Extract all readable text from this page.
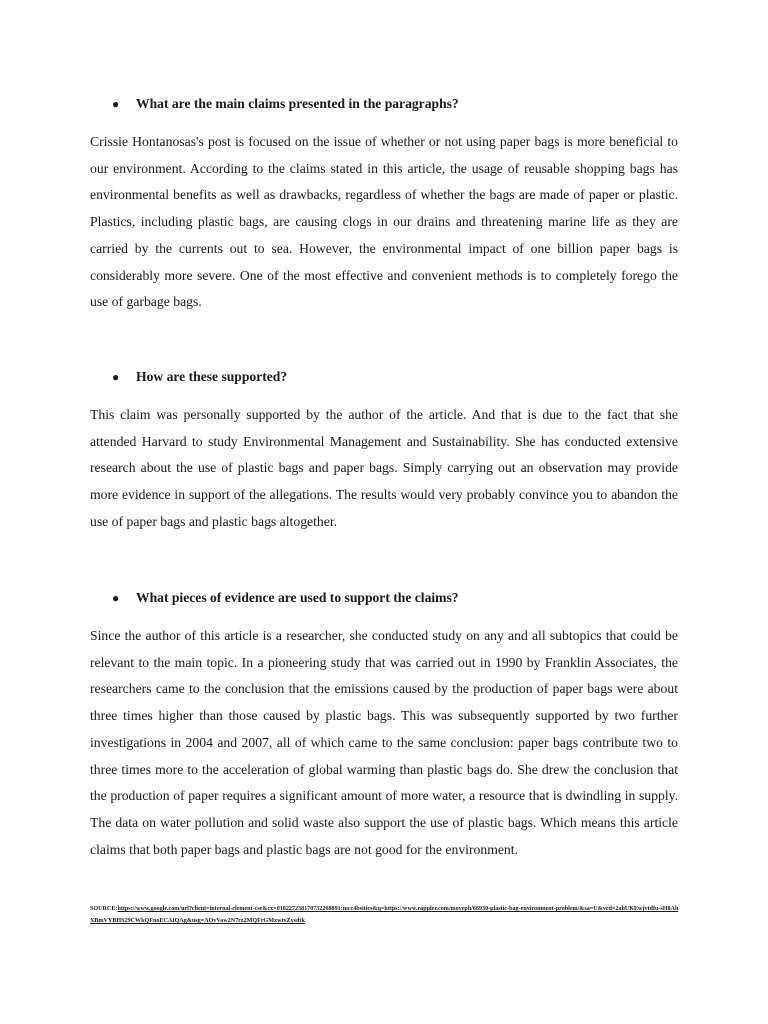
●	What are the main claims presented in the paragraphs?

Crissie Hontanosas's post is focused on the issue of whether or not using paper bags is more beneficial to our environment. According to the claims stated in this article, the usage of reusable shopping bags has environmental benefits as well as drawbacks, regardless of whether the bags are made of paper or plastic. Plastics, including plastic bags, are causing clogs in our drains and threatening marine life as they are carried by the currents out to sea. However, the environmental impact of one billion paper bags is considerably more severe. One of the most effective and convenient methods is to completely forego the use of garbage bags.

●	How are these supported?

This claim was personally supported by the author of the article. And that is due to the fact that she attended Harvard to study Environmental Management and Sustainability. She has conducted extensive research about the use of plastic bags and paper bags. Simply carrying out an observation may provide more evidence in support of the allegations. The results would very probably convince you to abandon the use of paper bags and plastic bags altogether.

●	What pieces of evidence are used to support the claims?

Since the author of this article is a researcher, she conducted study on any and all subtopics that could be relevant to the main topic. In a pioneering study that was carried out in 1990 by Franklin Associates, the researchers came to the conclusion that the emissions caused by the production of paper bags were about three times higher than those caused by plastic bags. This was subsequently supported by two further investigations in 2004 and 2007, all of which came to the same conclusion: paper bags contribute two to three times more to the acceleration of global warming than plastic bags do. She drew the conclusion that the production of paper requires a significant amount of more water, a resource that is dwindling in supply. The data on water pollution and solid waste also support the use of plastic bags. Which means this article claims that both paper bags and plastic bags are not good for the environment.

SOURCE:https://www.google.com/url?client=internal-element-cse&cx=018227238170732268891:mcc4bsitics&q=https://www.rappler.com/moveph/66930-plastic-bag-environment-problem/&sa=U&ved=2ahUKEwjvtdfu-sH8AhXBmVYBHS29CWkQFnoECAIQAg&usg=AOvVaw2N7rz2MQFrGMxwtvZysdtk
